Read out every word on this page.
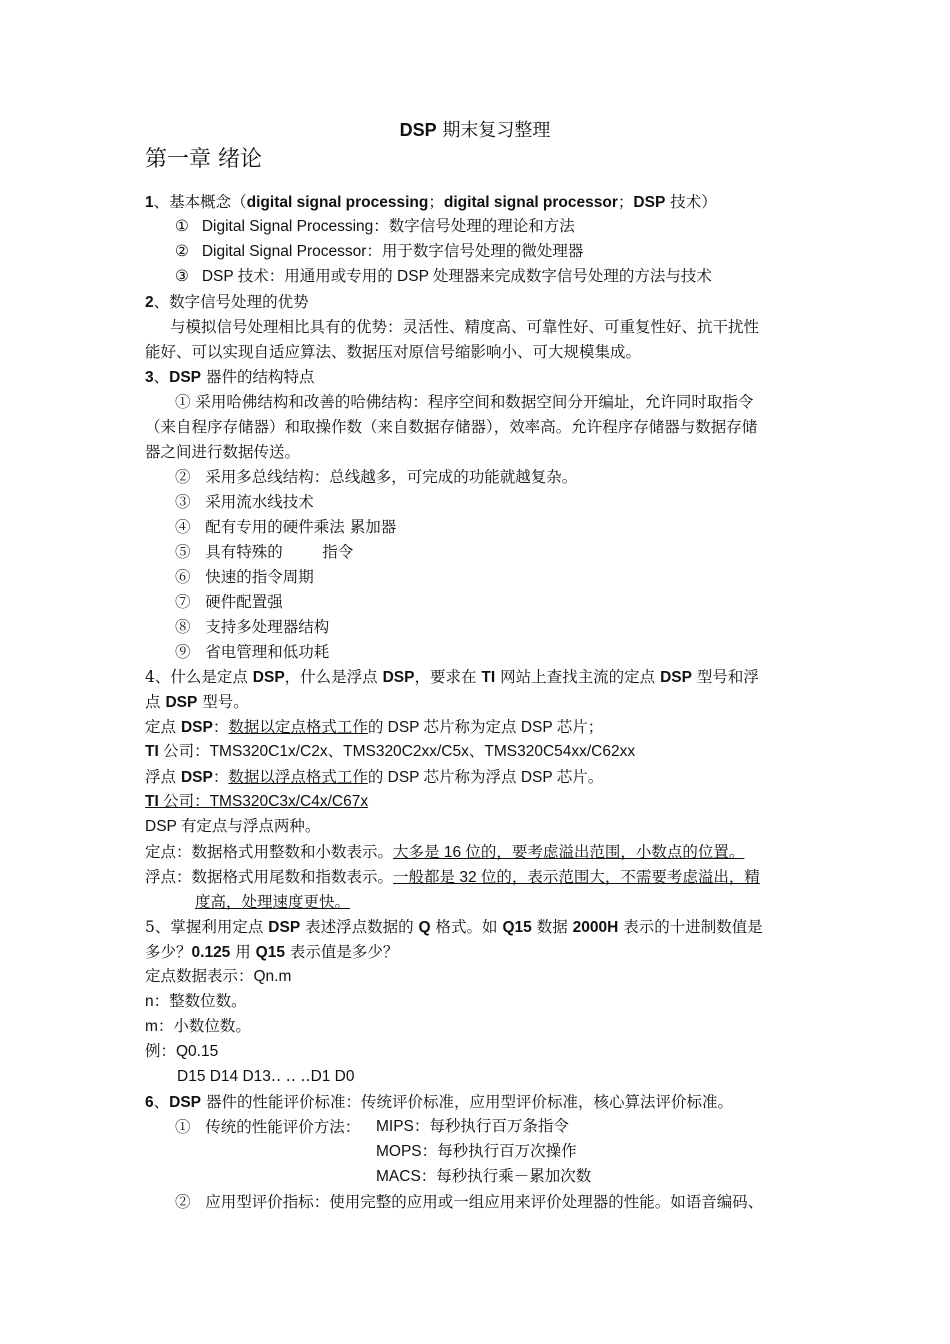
DSP 期末复习整理
第一章 绪论
1、基本概念（digital signal processing；digital signal processor；DSP 技术）
① Digital Signal Processing：数字信号处理的理论和方法
② Digital Signal Processor：用于数字信号处理的微处理器
③ DSP 技术：用通用或专用的 DSP 处理器来完成数字信号处理的方法与技术
2、数字信号处理的优势
与模拟信号处理相比具有的优势：灵活性、精度高、可靠性好、可重复性好、抗干扰性
能好、可以实现自适应算法、数据压对原信号缩影响小、可大规模集成。
3、DSP 器件的结构特点
① 采用哈佛结构和改善的哈佛结构：程序空间和数据空间分开编址，允许同时取指令
（来自程序存储器）和取操作数（来自数据存储器），效率高。允许程序存储器与数据存储
器之间进行数据传送。
② 采用多总线结构：总线越多，可完成的功能就越复杂。
③ 采用流水线技术
④ 配有专用的硬件乘法 累加器
⑤ 具有特殊的        指令
⑥ 快速的指令周期
⑦ 硬件配置强
⑧ 支持多处理器结构
⑨ 省电管理和低功耗
4、什么是定点 DSP，什么是浮点 DSP，要求在 TI 网站上查找主流的定点 DSP 型号和浮
点 DSP 型号。
定点 DSP：数据以定点格式工作的 DSP 芯片称为定点 DSP 芯片；
TI 公司：TMS320C1x/C2x、TMS320C2xx/C5x、TMS320C54xx/C62xx
浮点 DSP：数据以浮点格式工作的 DSP 芯片称为浮点 DSP 芯片。
TI 公司：TMS320C3x/C4x/C67x
DSP 有定点与浮点两种。
定点：数据格式用整数和小数表示。大多是 16 位的，要考虑溢出范围，小数点的位置。
浮点：数据格式用尾数和指数表示。一般都是 32 位的，表示范围大，不需要考虑溢出，精
度高，处理速度更快。
5、掌握利用定点 DSP 表述浮点数据的 Q 格式。如 Q15 数据 2000H 表示的十进制数值是
多少？0.125 用 Q15 表示值是多少？
定点数据表示：Qn.m
n：整数位数。
m：小数位数。
例：Q0.15
D15 D14 D13‥ ‥ ‥D1 D0
6、DSP 器件的性能评价标准：传统评价标准，应用型评价标准，核心算法评价标准。
① 传统的性能评价方法： MIPS：每秒执行百万条指令
MOPS：每秒执行百万次操作
MACS：每秒执行乘－累加次数
② 应用型评价指标：使用完整的应用或一组应用来评价处理器的性能。如语音编码、
